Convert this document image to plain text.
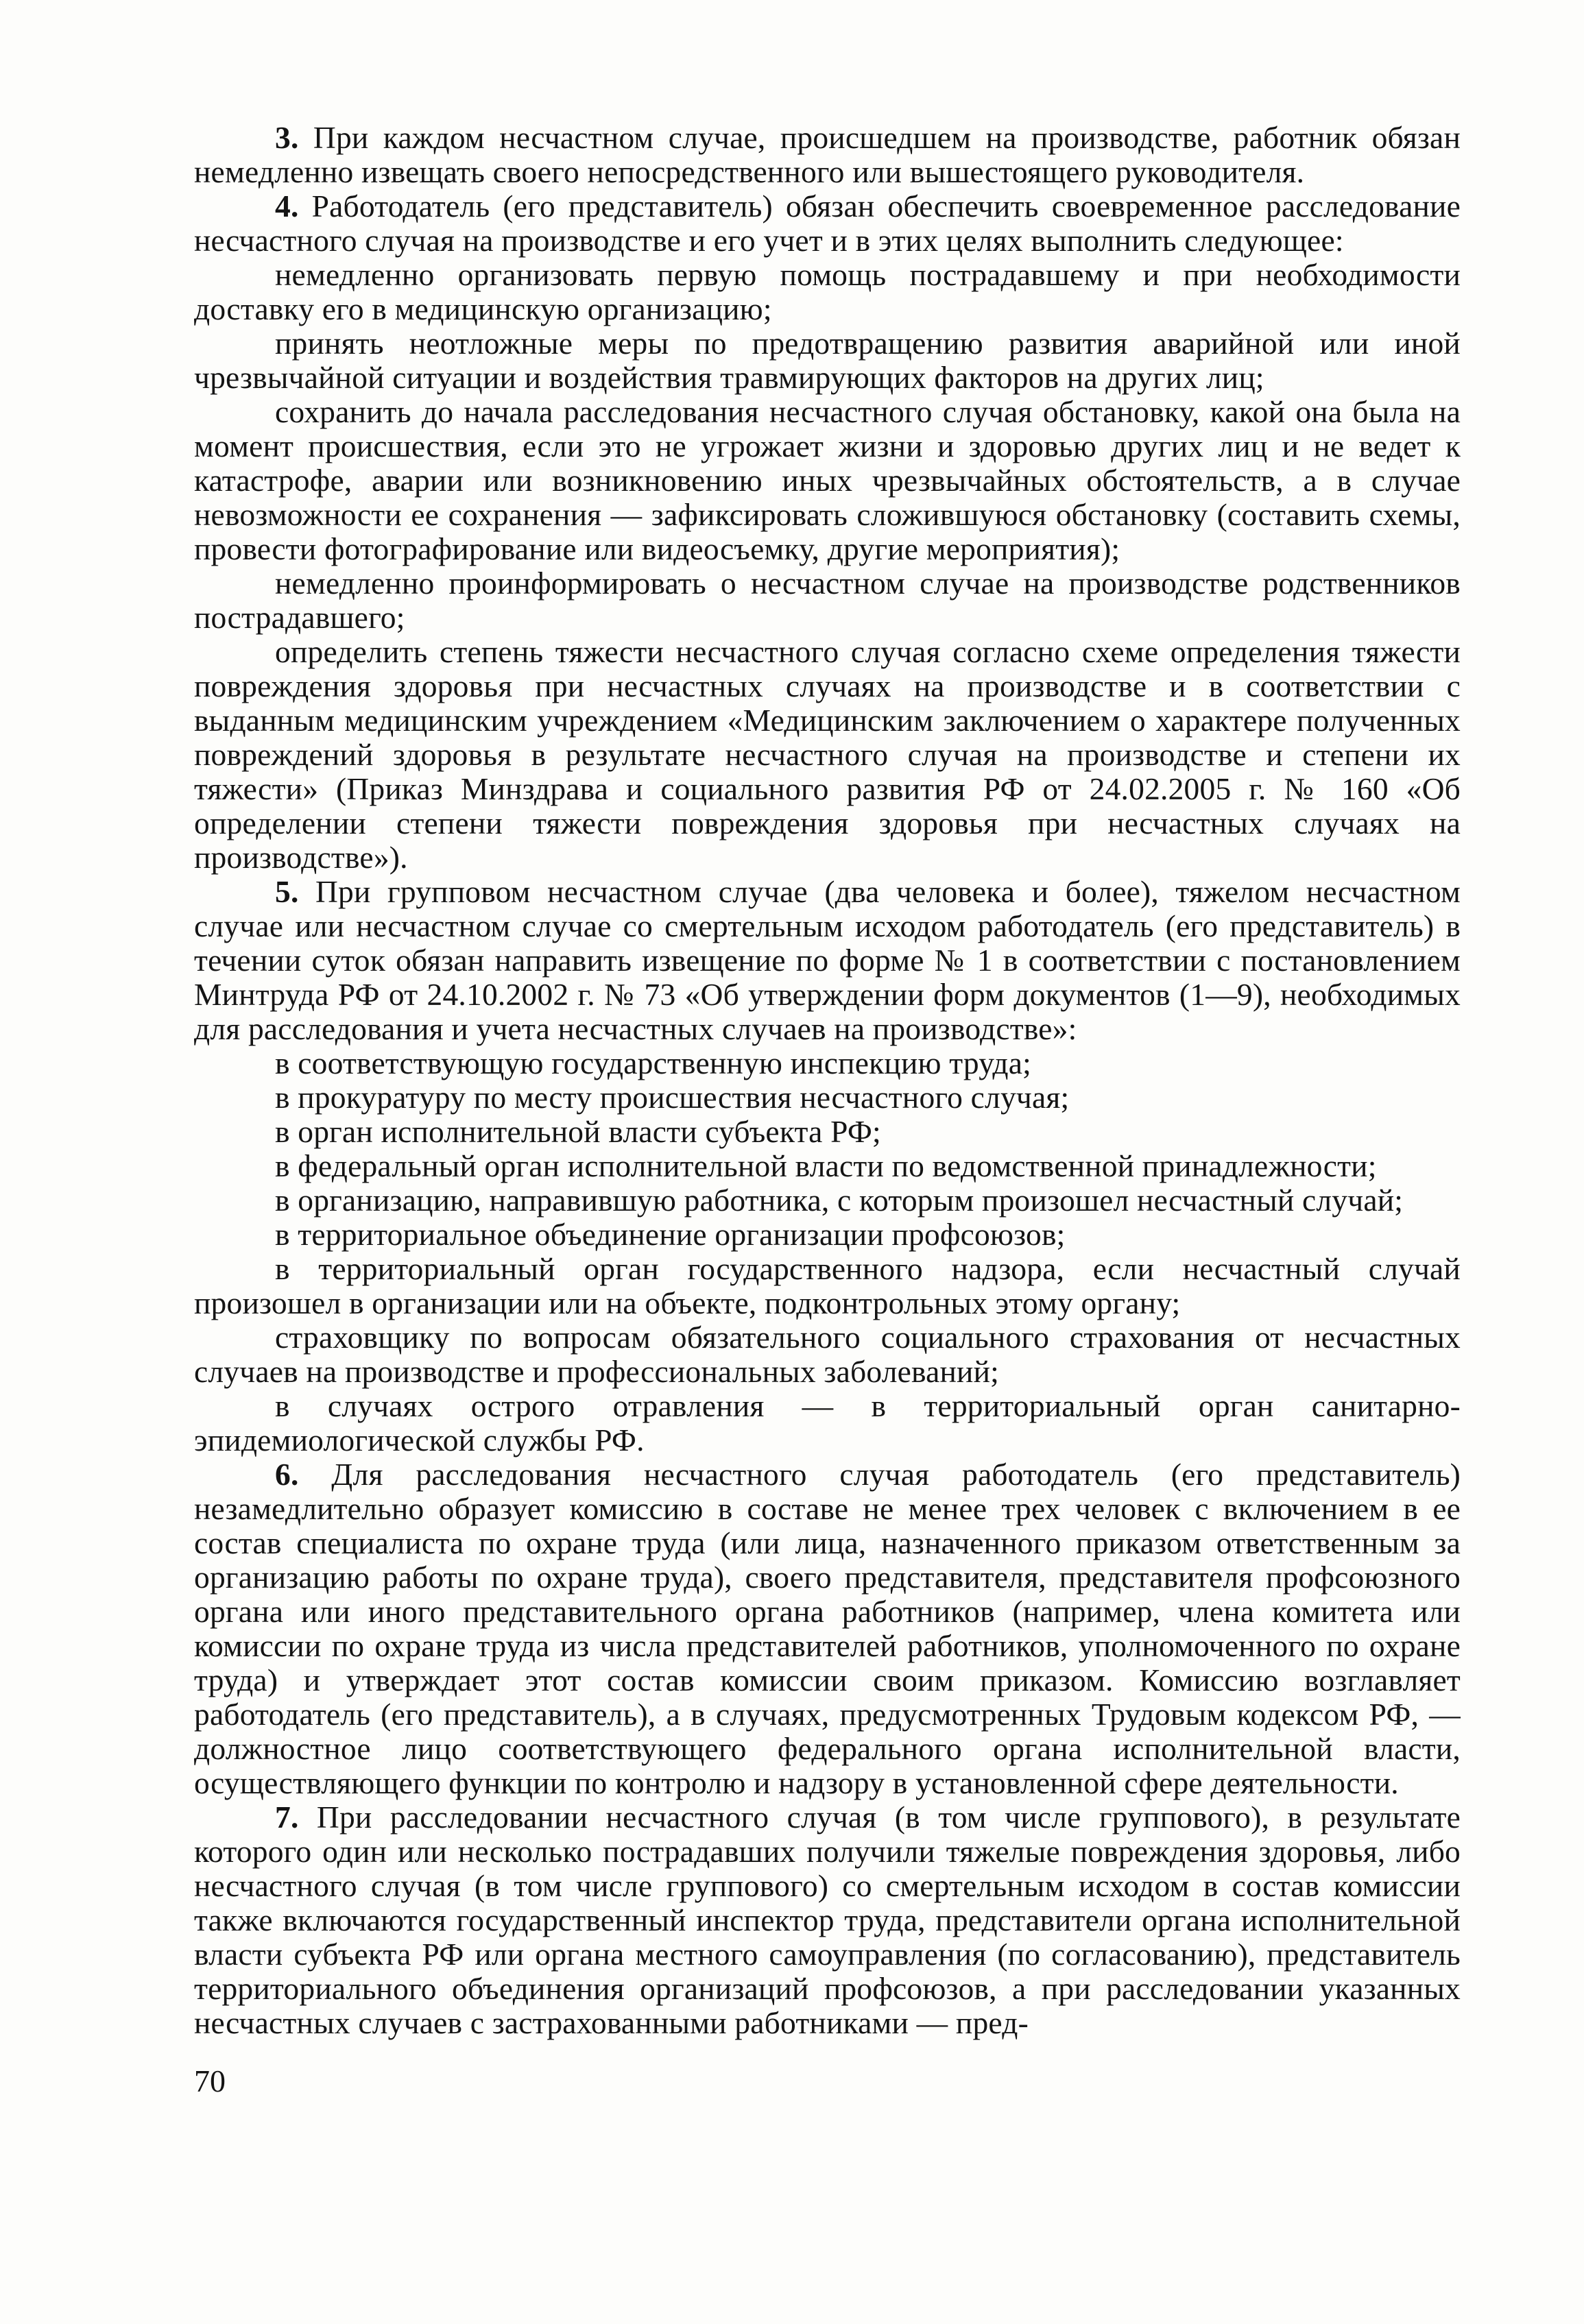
3. При каждом несчастном случае, происшедшем на производстве, работник обязан немедленно извещать своего непосредственного или вышестоящего руководителя.

4. Работодатель (его представитель) обязан обеспечить своевременное расследование несчастного случая на производстве и его учет и в этих целях выполнить следующее:

немедленно организовать первую помощь пострадавшему и при необходимости доставку его в медицинскую организацию;

принять неотложные меры по предотвращению развития аварийной или иной чрезвычайной ситуации и воздействия травмирующих факторов на других лиц;

сохранить до начала расследования несчастного случая обстановку, какой она была на момент происшествия, если это не угрожает жизни и здоровью других лиц и не ведет к катастрофе, аварии или возникновению иных чрезвычайных обстоятельств, а в случае невозможности ее сохранения — зафиксировать сложившуюся обстановку (составить схемы, провести фотографирование или видеосъемку, другие мероприятия);

немедленно проинформировать о несчастном случае на производстве родственников пострадавшего;

определить степень тяжести несчастного случая согласно схеме определения тяжести повреждения здоровья при несчастных случаях на производстве и в соответствии с выданным медицинским учреждением «Медицинским заключением о характере полученных повреждений здоровья в результате несчастного случая на производстве и степени их тяжести» (Приказ Минздрава и социального развития РФ от 24.02.2005 г. № 160 «Об определении степени тяжести повреждения здоровья при несчастных случаях на производстве»).

5. При групповом несчастном случае (два человека и более), тяжелом несчастном случае или несчастном случае со смертельным исходом работодатель (его представитель) в течении суток обязан направить извещение по форме № 1 в соответствии с постановлением Минтруда РФ от 24.10.2002 г. № 73 «Об утверждении форм документов (1—9), необходимых для расследования и учета несчастных случаев на производстве»:

в соответствующую государственную инспекцию труда;

в прокуратуру по месту происшествия несчастного случая;

в орган исполнительной власти субъекта РФ;

в федеральный орган исполнительной власти по ведомственной принадлежности;

в организацию, направившую работника, с которым произошел несчастный случай;

в территориальное объединение организации профсоюзов;

в территориальный орган государственного надзора, если несчастный случай произошел в организации или на объекте, подконтрольных этому органу;

страховщику по вопросам обязательного социального страхования от несчастных случаев на производстве и профессиональных заболеваний;

в случаях острого отравления — в территориальный орган санитарно-эпидемиологической службы РФ.

6. Для расследования несчастного случая работодатель (его представитель) незамедлительно образует комиссию в составе не менее трех человек с включением в ее состав специалиста по охране труда (или лица, назначенного приказом ответственным за организацию работы по охране труда), своего представителя, представителя профсоюзного органа или иного представительного органа работников (например, члена комитета или комиссии по охране труда из числа представителей работников, уполномоченного по охране труда) и утверждает этот состав комиссии своим приказом. Комиссию возглавляет работодатель (его представитель), а в случаях, предусмотренных Трудовым кодексом РФ, — должностное лицо соответствующего федерального органа исполнительной власти, осуществляющего функции по контролю и надзору в установленной сфере деятельности.

7. При расследовании несчастного случая (в том числе группового), в результате которого один или несколько пострадавших получили тяжелые повреждения здоровья, либо несчастного случая (в том числе группового) со смертельным исходом в состав комиссии также включаются государственный инспектор труда, представители органа исполнительной власти субъекта РФ или органа местного самоуправления (по согласованию), представитель территориального объединения организаций профсоюзов, а при расследовании указанных несчастных случаев с застрахованными работниками — пред-

70
